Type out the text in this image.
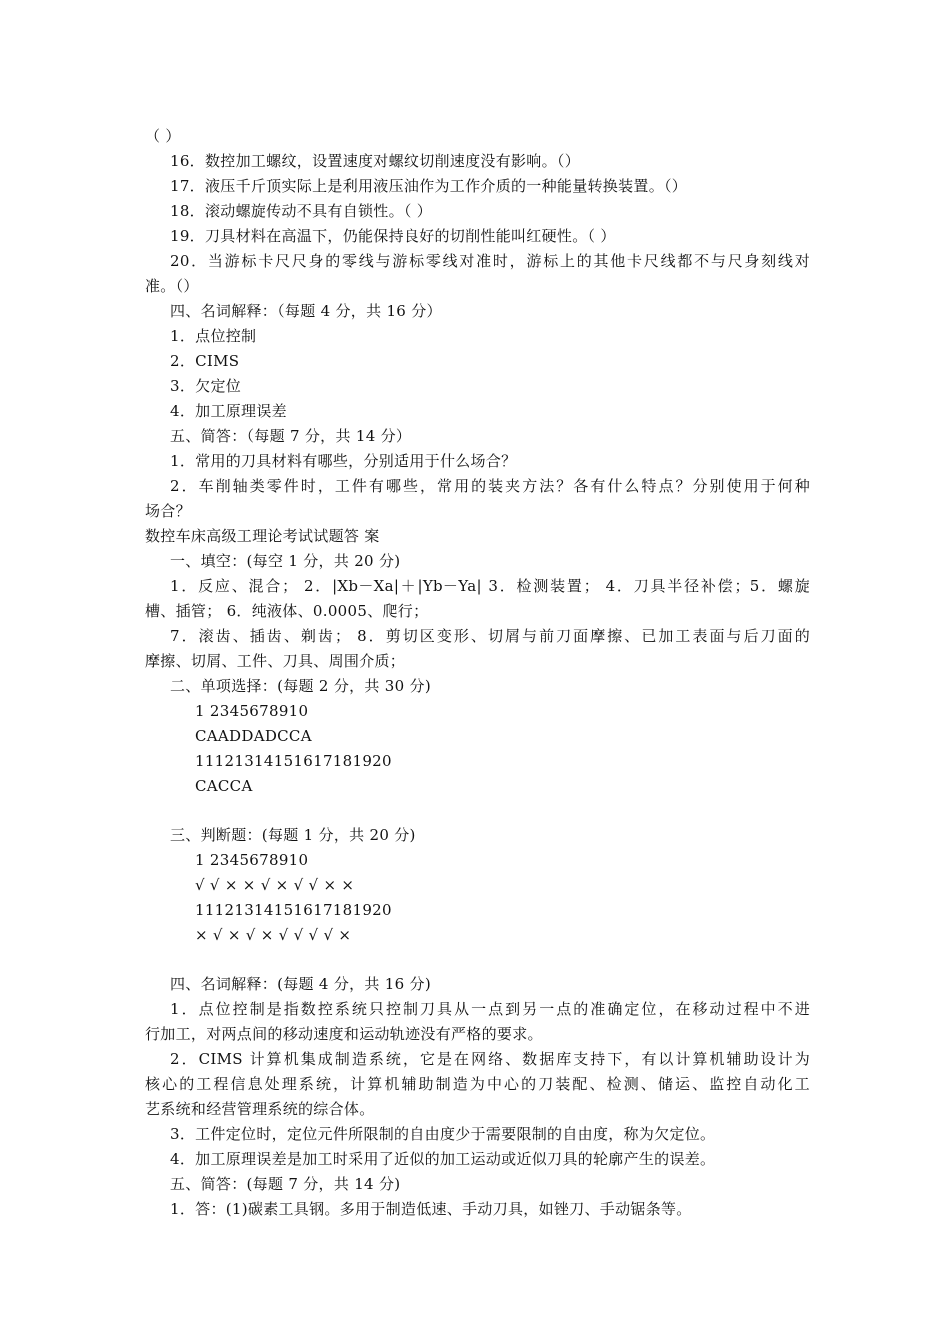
（ ）
16．数控加工螺纹，设置速度对螺纹切削速度没有影响。（）
17．液压千斤顶实际上是利用液压油作为工作介质的一种能量转换装置。（）
18．滚动螺旋传动不具有自锁性。（ ）
19．刀具材料在高温下，仍能保持良好的切削性能叫红硬性。（ ）
20．当游标卡尺尺身的零线与游标零线对准时，游标上的其他卡尺线都不与尺身刻线对
准。（）
四、名词解释：（每题 4 分，共 16 分）
1．点位控制
2．CIMS
3．欠定位
4．加工原理误差
五、简答：（每题 7 分，共 14 分）
1．常用的刀具材料有哪些，分别适用于什么场合？
2．车削轴类零件时，工件有哪些，常用的装夹方法？各有什么特点？分别使用于何种
场合？
数控车床高级工理论考试试题答 案
一、填空：(每空 1 分，共 20 分)
1．反应、混合； 2．|Xb－Xa|＋|Yb－Ya| 3．检测装置； 4．刀具半径补偿；5．螺旋
槽、插管； 6．纯液体、0.0005、爬行；
7．滚齿、插齿、剃齿； 8．剪切区变形、切屑与前刀面摩擦、已加工表面与后刀面的
摩擦、切屑、工件、刀具、周围介质；
二、单项选择：(每题 2 分，共 30 分)
1 2345678910
CAADDADCCA
11121314151617181920
CACCA
三、判断题：(每题 1 分，共 20 分)
1 2345678910
√ √ × × √ × √ √ × ×
11121314151617181920
× √ × √ × √ √ √ √ ×
四、名词解释：(每题 4 分，共 16 分)
1．点位控制是指数控系统只控制刀具从一点到另一点的准确定位，在移动过程中不进
行加工，对两点间的移动速度和运动轨迹没有严格的要求。
2．CIMS 计算机集成制造系统，它是在网络、数据库支持下，有以计算机辅助设计为
核心的工程信息处理系统，计算机辅助制造为中心的刀装配、检测、储运、监控自动化工
艺系统和经营管理系统的综合体。
3．工件定位时，定位元件所限制的自由度少于需要限制的自由度，称为欠定位。
4．加工原理误差是加工时采用了近似的加工运动或近似刀具的轮廓产生的误差。
五、简答：(每题 7 分，共 14 分)
1．答：(1)碳素工具钢。多用于制造低速、手动刀具，如锉刀、手动锯条等。
